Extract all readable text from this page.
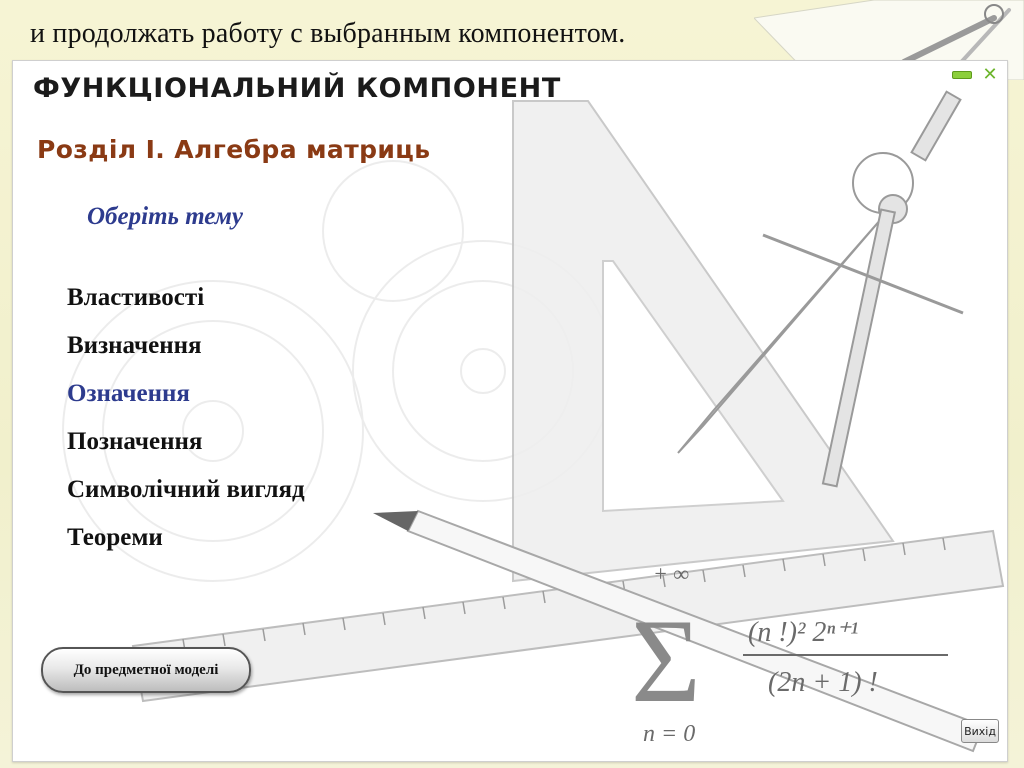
и продолжать работу с выбранным компонентом.
Σ
+ ∞
n = 0
(n !)² 2ⁿ⁺¹
(2n + 1) !
ФУНКЦІОНАЛЬНИЙ КОМПОНЕНТ	✕
Розділ І. Алгебра матриць
Оберіть тему
Властивості
Визначення
Означення
Позначення
Символічний вигляд
Теореми
До предметної моделі
Вихід
